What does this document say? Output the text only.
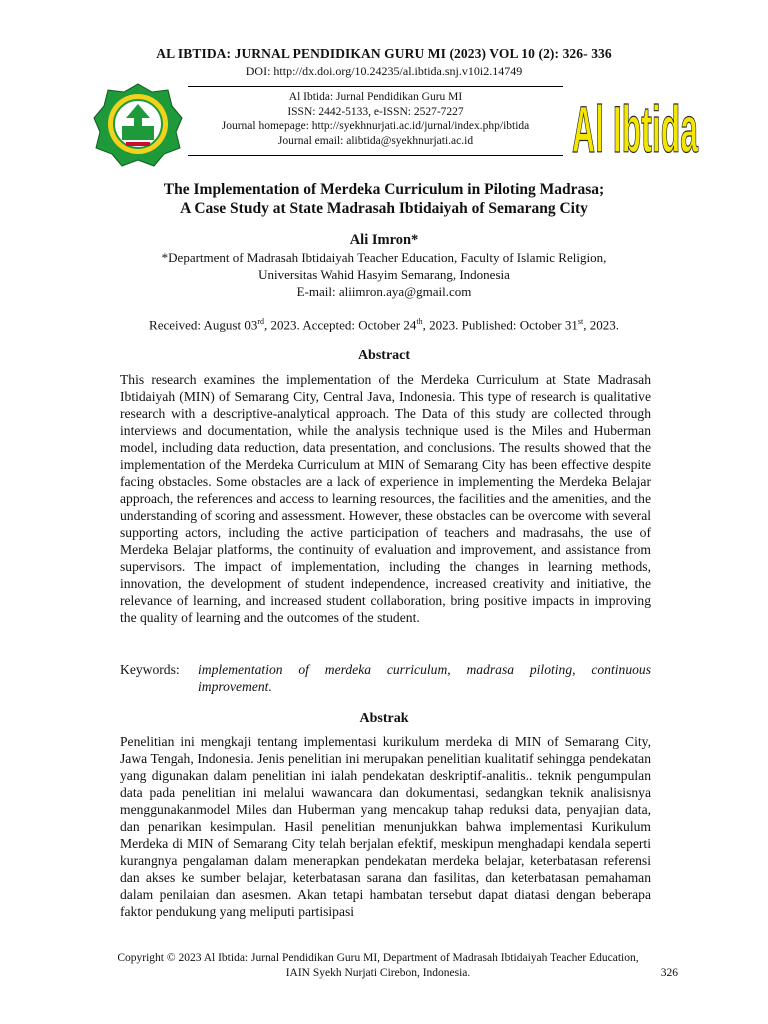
AL IBTIDA: JURNAL PENDIDIKAN GURU MI (2023) VOL 10 (2): 326- 336
DOI: http://dx.doi.org/10.24235/al.ibtida.snj.v10i2.14749
Al Ibtida: Jurnal Pendidikan Guru MI
ISSN: 2442-5133, e-ISSN: 2527-7227
Journal homepage: http://syekhnurjati.ac.id/jurnal/index.php/ibtida
Journal email: alibtida@syekhnurjati.ac.id	Al Ibtida
The Implementation of Merdeka Curriculum in Piloting Madrasa;
A Case Study at State Madrasah Ibtidaiyah of Semarang City
Ali Imron*
*Department of Madrasah Ibtidaiyah Teacher Education, Faculty of Islamic Religion,
Universitas Wahid Hasyim Semarang, Indonesia
E-mail: aliimron.aya@gmail.com
Received: August 03rd, 2023. Accepted: October 24th, 2023. Published: October 31st, 2023.
Abstract

This research examines the implementation of the Merdeka Curriculum at State Madrasah Ibtidaiyah (MIN) of Semarang City, Central Java, Indonesia. This type of research is qualitative research with a descriptive-analytical approach. The Data of this study are collected through interviews and documentation, while the analysis technique used is the Miles and Huberman model, including data reduction, data presentation, and conclusions. The results showed that the implementation of the Merdeka Curriculum at MIN of Semarang City has been effective despite facing obstacles. Some obstacles are a lack of experience in implementing the Merdeka Belajar approach, the references and access to learning resources, the facilities and the amenities, and the understanding of scoring and assessment. However, these obstacles can be overcome with several supporting actors, including the active participation of teachers and madrasahs, the use of Merdeka Belajar platforms, the continuity of evaluation and improvement, and assistance from supervisors. The impact of implementation, including the changes in learning methods, innovation, the development of student independence, increased creativity and initiative, the relevance of learning, and increased student collaboration, bring positive impacts in improving the quality of learning and the outcomes of the student.

Keywords: implementation of merdeka curriculum, madrasa piloting, continuous improvement.
Abstrak

Penelitian ini mengkaji tentang implementasi kurikulum merdeka di MIN of Semarang City, Jawa Tengah, Indonesia. Jenis penelitian ini merupakan penelitian kualitatif sehingga pendekatan yang digunakan dalam penelitian ini ialah pendekatan deskriptif-analitis.. teknik pengumpulan data pada penelitian ini melalui wawancara dan dokumentasi, sedangkan teknik analisisnya menggunakanmodel Miles dan Huberman yang mencakup tahap reduksi data, penyajian data, dan penarikan kesimpulan. Hasil penelitian menunjukkan bahwa implementasi Kurikulum Merdeka di MIN of Semarang City telah berjalan efektif, meskipun menghadapi kendala seperti kurangnya pengalaman dalam menerapkan pendekatan merdeka belajar, keterbatasan referensi dan akses ke sumber belajar, keterbatasan sarana dan fasilitas, dan keterbatasan pemahaman dalam penilaian dan asesmen. Akan tetapi hambatan tersebut dapat diatasi dengan beberapa faktor pendukung yang meliputi partisipasi

Copyright © 2023 Al Ibtida: Jurnal Pendidikan Guru MI, Department of Madrasah Ibtidaiyah Teacher Education,
IAIN Syekh Nurjati Cirebon, Indonesia.	326
